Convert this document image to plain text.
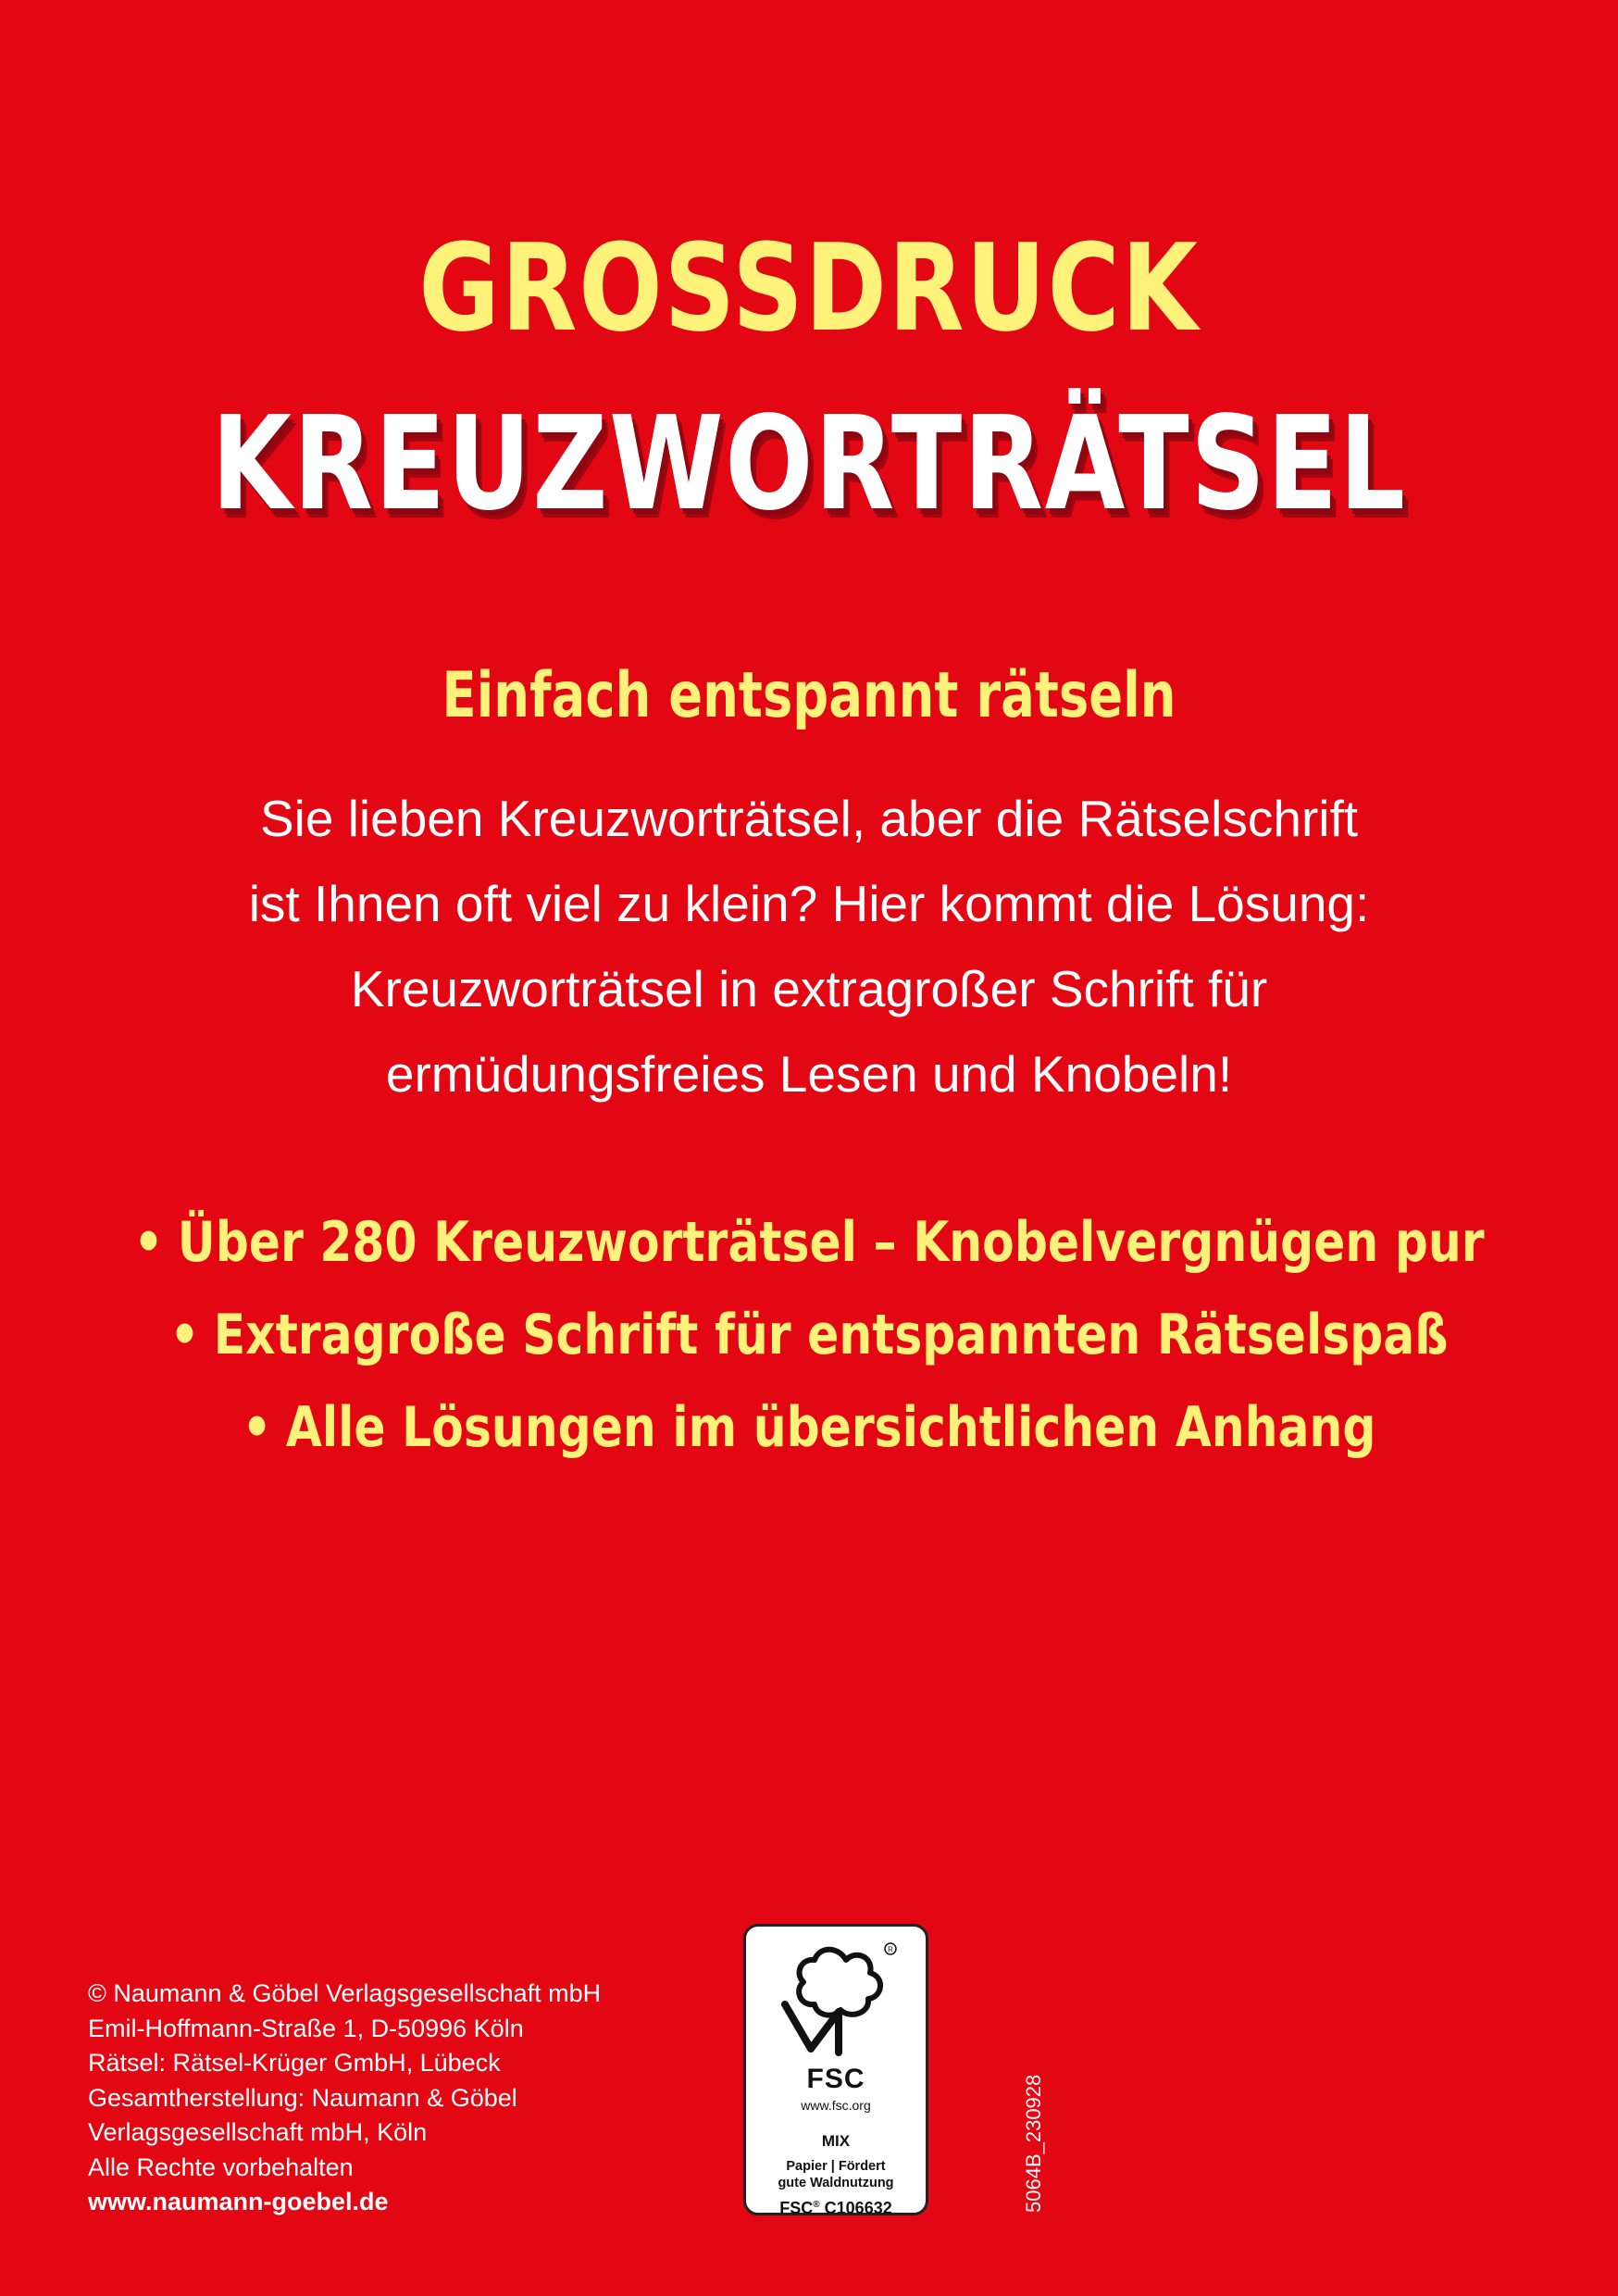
GROSSDRUCK
KREUZWORTRÄTSEL
Einfach entspannt rätseln
Sie lieben Kreuzworträtsel, aber die Rätselschrift
ist Ihnen oft viel zu klein? Hier kommt die Lösung:
Kreuzworträtsel in extragroßer Schrift für
ermüdungsfreies Lesen und Knobeln!
• Über 280 Kreuzworträtsel – Knobelvergnügen pur
• Extragroße Schrift für entspannten Rätselspaß
• Alle Lösungen im übersichtlichen Anhang
© Naumann & Göbel Verlagsgesellschaft mbH
Emil-Hoffmann-Straße 1, D-50996 Köln
Rätsel: Rätsel-Krüger GmbH, Lübeck
Gesamtherstellung: Naumann & Göbel
Verlagsgesellschaft mbH, Köln
Alle Rechte vorbehalten
www.naumann-goebel.de
R
FSC
www.fsc.org
MIX
Papier | Fördert
gute Waldnutzung
FSC® C106632	5064B_230928
